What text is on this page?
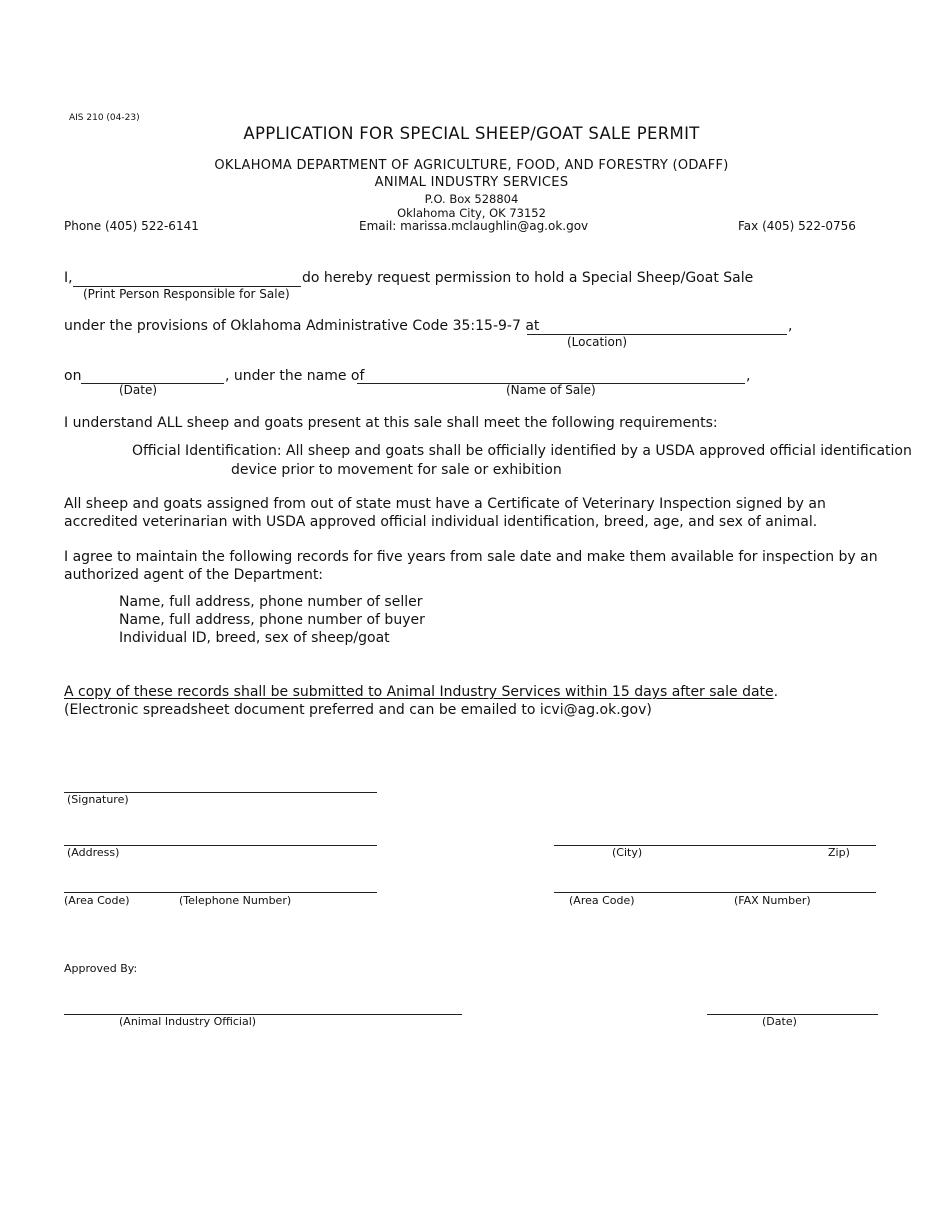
AIS 210 (04-23)
APPLICATION FOR SPECIAL SHEEP/GOAT SALE PERMIT
OKLAHOMA DEPARTMENT OF AGRICULTURE, FOOD, AND FORESTRY (ODAFF)
ANIMAL INDUSTRY SERVICES
P.O. Box 528804
Oklahoma City, OK 73152
Phone (405) 522-6141	Email: marissa.mclaughlin@ag.ok.gov	Fax (405) 522-0756
I,	do hereby request permission to hold a Special Sheep/Goat Sale
(Print Person Responsible for Sale)
under the provisions of Oklahoma Administrative Code 35:15-9-7 at	,
(Location)
on	, under the name of	,
(Date)	(Name of Sale)
I understand ALL sheep and goats present at this sale shall meet the following requirements:
Official Identification: All sheep and goats shall be officially identified by a USDA approved official identification
device prior to movement for sale or exhibition
All sheep and goats assigned from out of state must have a Certificate of Veterinary Inspection signed by an
accredited veterinarian with USDA approved official individual identification, breed, age, and sex of animal.
I agree to maintain the following records for five years from sale date and make them available for inspection by an
authorized agent of the Department:
Name, full address, phone number of seller
Name, full address, phone number of buyer
Individual ID, breed, sex of sheep/goat
A copy of these records shall be submitted to Animal Industry Services within 15 days after sale date.
(Electronic spreadsheet document preferred and can be emailed to icvi@ag.ok.gov)
(Signature)
(Address)	(City)	Zip)
(Area Code)	(Telephone Number)	(Area Code)	(FAX Number)
Approved By:
(Animal Industry Official)	(Date)
